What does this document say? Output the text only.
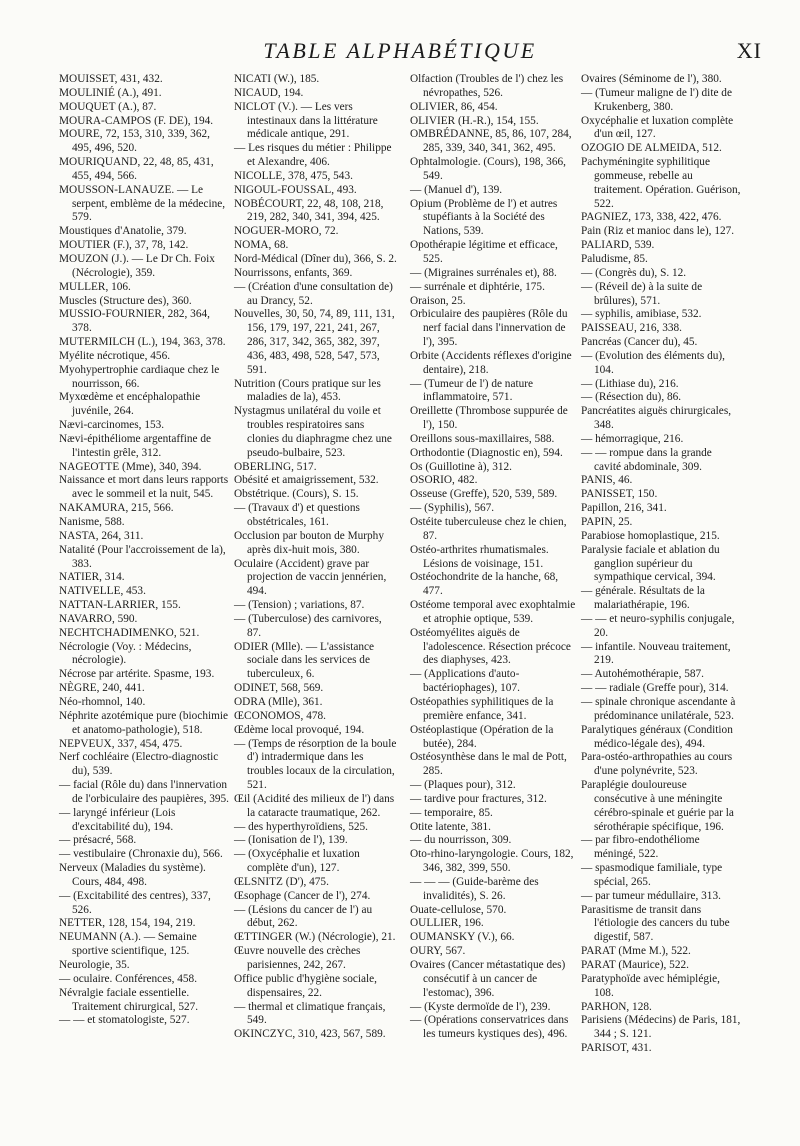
TABLE ALPHABÉTIQUE	XI
MOUISSET, 431, 432.
MOULINIÉ (A.), 491.
MOUQUET (A.), 87.
MOURA-CAMPOS (F. DE), 194.
MOURE, 72, 153, 310, 339, 362, 495, 496, 520.
MOURIQUAND, 22, 48, 85, 431, 455, 494, 566.
MOUSSON-LANAUZE. — Le serpent, emblème de la médecine, 579.
Moustiques d'Anatolie, 379.
MOUTIER (F.), 37, 78, 142.
MOUZON (J.). — Le Dr Ch. Foix (Nécrologie), 359.
MULLER, 106.
Muscles (Structure des), 360.
MUSSIO-FOURNIER, 282, 364, 378.
MUTERMILCH (L.), 194, 363, 378.
Myélite nécrotique, 456.
Myohypertrophie cardiaque chez le nourrisson, 66.
Myxœdème et encéphalopathie juvénile, 264.
Nævi-carcinomes, 153.
Nævi-épithéliome argentaffine de l'intestin grêle, 312.
NAGEOTTE (Mme), 340, 394.
Naissance et mort dans leurs rapports avec le sommeil et la nuit, 545.
NAKAMURA, 215, 566.
Nanisme, 588.
NASTA, 264, 311.
Natalité (Pour l'accroissement de la), 383.
NATIER, 314.
NATIVELLE, 453.
NATTAN-LARRIER, 155.
NAVARRO, 590.
NECHTCHADIMENKO, 521.
Nécrologie (Voy. : Médecins, nécrologie).
Nécrose par artérite. Spasme, 193.
NÈGRE, 240, 441.
Néo-rhomnol, 140.
Néphrite azotémique pure (biochimie et anatomo-pathologie), 518.
NEPVEUX, 337, 454, 475.
Nerf cochléaire (Electro-diagnostic du), 539.
— facial (Rôle du) dans l'innervation de l'orbiculaire des paupières, 395.
— laryngé inférieur (Lois d'excitabilité du), 194.
— présacré, 568.
— vestibulaire (Chronaxie du), 566.
Nerveux (Maladies du système). Cours, 484, 498.
— (Excitabilité des centres), 337, 526.
NETTER, 128, 154, 194, 219.
NEUMANN (A.). — Semaine sportive scientifique, 125.
Neurologie, 35.
— oculaire. Conférences, 458.
Névralgie faciale essentielle. Traitement chirurgical, 527.
— — et stomatologiste, 527.
NICATI (W.), 185.
NICAUD, 194.
NICLOT (V.). — Les vers intestinaux dans la littérature médicale antique, 291.
— Les risques du métier : Philippe et Alexandre, 406.
NICOLLE, 378, 475, 543.
NIGOUL-FOUSSAL, 493.
NOBÉCOURT, 22, 48, 108, 218, 219, 282, 340, 341, 394, 425.
NOGUER-MORO, 72.
NOMA, 68.
Nord-Médical (Dîner du), 366, S. 2.
Nourrissons, enfants, 369.
— (Création d'une consultation de) au Drancy, 52.
Nouvelles, 30, 50, 74, 89, 111, 131, 156, 179, 197, 221, 241, 267, 286, 317, 342, 365, 382, 397, 436, 483, 498, 528, 547, 573, 591.
Nutrition (Cours pratique sur les maladies de la), 453.
Nystagmus unilatéral du voile et troubles respiratoires sans clonies du diaphragme chez une pseudo-bulbaire, 523.
OBERLING, 517.
Obésité et amaigrissement, 532.
Obstétrique. (Cours), S. 15.
— (Travaux d') et questions obstétricales, 161.
Occlusion par bouton de Murphy après dix-huit mois, 380.
Oculaire (Accident) grave par projection de vaccin jennérien, 494.
— (Tension) ; variations, 87.
— (Tuberculose) des carnivores, 87.
ODIER (Mlle). — L'assistance sociale dans les services de tuberculeux, 6.
ODINET, 568, 569.
ODRA (Mlle), 361.
ŒCONOMOS, 478.
Œdème local provoqué, 194.
— (Temps de résorption de la boule d') intradermique dans les troubles locaux de la circulation, 521.
Œil (Acidité des milieux de l') dans la cataracte traumatique, 262.
— des hyperthyroïdiens, 525.
— (Ionisation de l'), 139.
— (Oxycéphalie et luxation complète d'un), 127.
ŒLSNITZ (D'), 475.
Œsophage (Cancer de l'), 274.
— (Lésions du cancer de l') au début, 262.
ŒTTINGER (W.) (Nécrologie), 21.
Œuvre nouvelle des crèches parisiennes, 242, 267.
Office public d'hygiène sociale, dispensaires, 22.
— thermal et climatique français, 549.
OKINCZYC, 310, 423, 567, 589.
Olfaction (Troubles de l') chez les névropathes, 526.
OLIVIER, 86, 454.
OLIVIER (H.-R.), 154, 155.
OMBRÉDANNE, 85, 86, 107, 284, 285, 339, 340, 341, 362, 495.
Ophtalmologie. (Cours), 198, 366, 549.
— (Manuel d'), 139.
Opium (Problème de l') et autres stupéfiants à la Société des Nations, 539.
Opothérapie légitime et efficace, 525.
— (Migraines surrénales et), 88.
— surrénale et diphtérie, 175.
Oraison, 25.
Orbiculaire des paupières (Rôle du nerf facial dans l'innervation de l'), 395.
Orbite (Accidents réflexes d'origine dentaire), 218.
— (Tumeur de l') de nature inflammatoire, 571.
Oreillette (Thrombose suppurée de l'), 150.
Oreillons sous-maxillaires, 588.
Orthodontie (Diagnostic en), 594.
Os (Guillotine à), 312.
OSORIO, 482.
Osseuse (Greffe), 520, 539, 589.
— (Syphilis), 567.
Ostéite tuberculeuse chez le chien, 87.
Ostéo-arthrites rhumatismales. Lésions de voisinage, 151.
Ostéochondrite de la hanche, 68, 477.
Ostéome temporal avec exophtalmie et atrophie optique, 539.
Ostéomyélites aiguës de l'adolescence. Résection précoce des diaphyses, 423.
— (Applications d'auto-bactériophages), 107.
Ostéopathies syphilitiques de la première enfance, 341.
Ostéoplastique (Opération de la butée), 284.
Ostéosynthèse dans le mal de Pott, 285.
— (Plaques pour), 312.
— tardive pour fractures, 312.
— temporaire, 85.
Otite latente, 381.
— du nourrisson, 309.
Oto-rhino-laryngologie. Cours, 182, 346, 382, 399, 550.
— — — (Guide-barème des invalidités), S. 26.
Ouate-cellulose, 570.
OULLIER, 196.
OUMANSKY (V.), 66.
OURY, 567.
Ovaires (Cancer métastatique des) consécutif à un cancer de l'estomac), 396.
— (Kyste dermoïde de l'), 239.
— (Opérations conservatrices dans les tumeurs kystiques des), 496.
Ovaires (Séminome de l'), 380.
— (Tumeur maligne de l') dite de Krukenberg, 380.
Oxycéphalie et luxation complète d'un œil, 127.
OZOGIO DE ALMEIDA, 512.
Pachyméningite syphilitique gommeuse, rebelle au traitement. Opération. Guérison, 522.
PAGNIEZ, 173, 338, 422, 476.
Pain (Riz et manioc dans le), 127.
PALIARD, 539.
Paludisme, 85.
— (Congrès du), S. 12.
— (Réveil de) à la suite de brûlures), 571.
— syphilis, amibiase, 532.
PAISSEAU, 216, 338.
Pancréas (Cancer du), 45.
— (Evolution des éléments du), 104.
— (Lithiase du), 216.
— (Résection du), 86.
Pancréatites aiguës chirurgicales, 348.
— hémorragique, 216.
— — rompue dans la grande cavité abdominale, 309.
PANIS, 46.
PANISSET, 150.
Papillon, 216, 341.
PAPIN, 25.
Parabiose homoplastique, 215.
Paralysie faciale et ablation du ganglion supérieur du sympathique cervical, 394.
— générale. Résultats de la malariathérapie, 196.
— — et neuro-syphilis conjugale, 20.
— infantile. Nouveau traitement, 219.
— Autohémothérapie, 587.
— — radiale (Greffe pour), 314.
— spinale chronique ascendante à prédominance unilatérale, 523.
Paralytiques généraux (Condition médico-légale des), 494.
Para-ostéo-arthropathies au cours d'une polynévrite, 523.
Paraplégie douloureuse consécutive à une méningite cérébro-spinale et guérie par la sérothérapie spécifique, 196.
— par fibro-endothéliome méningé, 522.
— spasmodique familiale, type spécial, 265.
— par tumeur médullaire, 313.
Parasitisme de transit dans l'étiologie des cancers du tube digestif, 587.
PARAT (Mme M.), 522.
PARAT (Maurice), 522.
Paratyphoïde avec hémiplégie, 108.
PARHON, 128.
Parisiens (Médecins) de Paris, 181, 344 ; S. 121.
PARISOT, 431.
